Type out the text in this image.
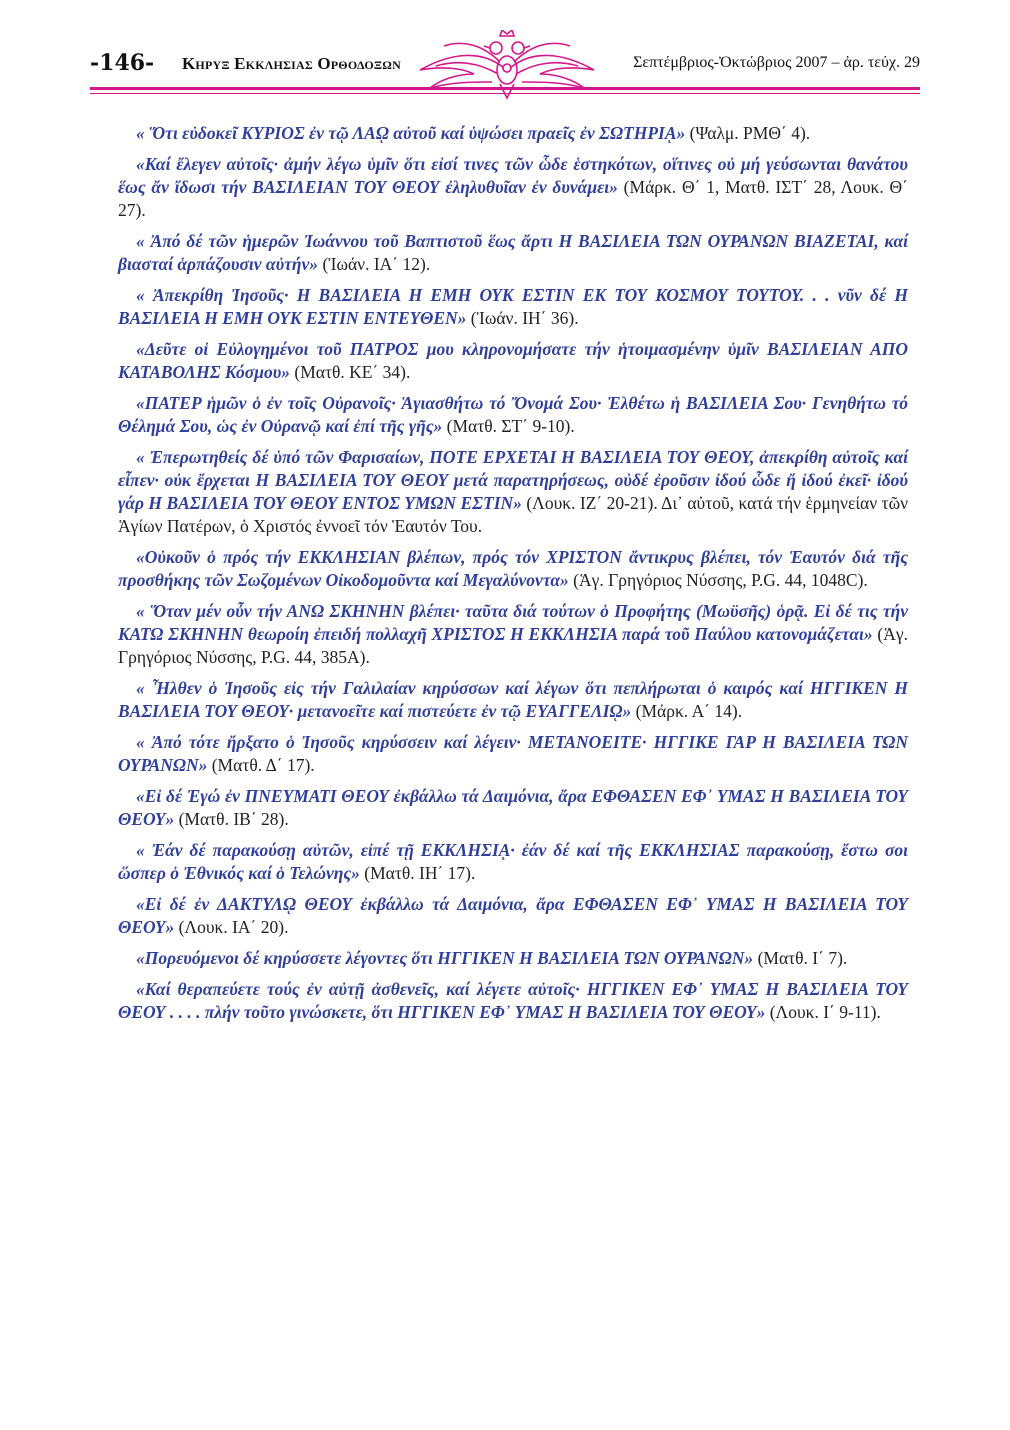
-146- Κηρυξ Εκκλησιας Ορθοδοξων	Σεπτέμβριος-Ὀκτώβριος 2007 – ἀρ. τεύχ. 29

« Ὅτι εὐδοκεῖ ΚΥΡΙΟΣ ἐν τῷ ΛΑῼ αὐτοῦ καί ὑψώσει πραεῖς ἐν ΣΩΤΗΡΙᾼ» (Ψαλμ. ΡΜΘ΄ 4).

«Καί ἔλεγεν αὐτοῖς· ἀμήν λέγω ὑμῖν ὅτι εἰσί τινες τῶν ὧδε ἑστηκότων, οἵτινες οὐ μή γεύσωνται θανάτου ἕως ἄν ἴδωσι τήν ΒΑΣΙΛΕΙΑΝ ΤΟΥ ΘΕΟΥ ἐληλυθυῖαν ἐν δυνάμει» (Μάρκ. Θ΄ 1, Ματθ. ΙΣΤ΄ 28, Λουκ. Θ΄ 27).

« Ἀπό δέ τῶν ἡμερῶν Ἰωάννου τοῦ Βαπτιστοῦ ἕως ἄρτι Η ΒΑΣΙΛΕΙΑ ΤΩΝ ΟΥΡΑΝΩΝ ΒΙΑΖΕΤΑΙ, καί βιασταί ἁρπάζουσιν αὐτήν» (Ἰωάν. ΙΑ΄ 12).

« Ἀπεκρίθη Ἰησοῦς· Η ΒΑΣΙΛΕΙΑ Η ΕΜΗ ΟΥΚ ΕΣΤΙΝ ΕΚ ΤΟΥ ΚΟΣΜΟΥ ΤΟΥΤΟΥ. . . νῦν δέ Η ΒΑΣΙΛΕΙΑ Η ΕΜΗ ΟΥΚ ΕΣΤΙΝ ΕΝΤΕΥΘΕΝ» (Ἰωάν. ΙΗ΄ 36).

«Δεῦτε οἱ Εὐλογημένοι τοῦ ΠΑΤΡΟΣ μου κληρονομήσατε τήν ἡτοιμασμένην ὑμῖν ΒΑΣΙΛΕΙΑΝ ΑΠΟ ΚΑΤΑΒΟΛΗΣ Κόσμου» (Ματθ. ΚΕ΄ 34).

«ΠΑΤΕΡ ἡμῶν ὁ ἐν τοῖς Οὐρανοῖς· Ἁγιασθήτω τό Ὄνομά Σου· Ἐλθέτω ἡ ΒΑΣΙΛΕΙΑ Σου· Γενηθήτω τό Θέλημά Σου, ὡς ἐν Οὐρανῷ καί ἐπί τῆς γῆς» (Ματθ. ΣΤ΄ 9-10).

« Ἐπερωτηθείς δέ ὑπό τῶν Φαρισαίων, ΠΟΤΕ ΕΡΧΕΤΑΙ Η ΒΑΣΙΛΕΙΑ ΤΟΥ ΘΕΟΥ, ἀπεκρίθη αὐτοῖς καί εἶπεν· οὐκ ἔρχεται Η ΒΑΣΙΛΕΙΑ ΤΟΥ ΘΕΟΥ μετά παρατηρήσεως, οὐδέ ἐροῦσιν ἰδού ὧδε ἤ ἰδού ἐκεῖ· ἰδού γάρ Η ΒΑΣΙΛΕΙΑ ΤΟΥ ΘΕΟΥ ΕΝΤΟΣ ΥΜΩΝ ΕΣΤΙΝ» (Λουκ. ΙΖ΄ 20-21). Δι᾽ αὐτοῦ, κατά τήν ἑρμηνείαν τῶν Ἁγίων Πατέρων, ὁ Χριστός ἐννοεῖ τόν Ἑαυτόν Του.

«Οὐκοῦν ὁ πρός τήν ΕΚΚΛΗΣΙΑΝ βλέπων, πρός τόν ΧΡΙΣΤΟΝ ἄντικρυς βλέπει, τόν Ἑαυτόν διά τῆς προσθήκης τῶν Σωζομένων Οἰκοδομοῦντα καί Μεγαλύνοντα» (Ἁγ. Γρηγόριος Νύσσης, P.G. 44, 1048C).

« Ὅταν μέν οὖν τήν ΑΝΩ ΣΚΗΝΗΝ βλέπει· ταῦτα διά τούτων ὁ Προφήτης (Μωϋσῆς) ὁρᾷ. Εἰ δέ τις τήν ΚΑΤΩ ΣΚΗΝΗΝ θεωροίη ἐπειδή πολλαχῆ ΧΡΙΣΤΟΣ Η ΕΚΚΛΗΣΙΑ παρά τοῦ Παύλου κατονομάζεται» (Ἁγ. Γρηγόριος Νύσσης, P.G. 44, 385A).

« Ἦλθεν ὁ Ἰησοῦς εἰς τήν Γαλιλαίαν κηρύσσων καί λέγων ὅτι πεπλήρωται ὁ καιρός καί ΗΓΓΙΚΕΝ Η ΒΑΣΙΛΕΙΑ ΤΟΥ ΘΕΟΥ· μετανοεῖτε καί πιστεύετε ἐν τῷ ΕΥΑΓΓΕΛΙῼ» (Μάρκ. Α΄ 14).

« Ἀπό τότε ἤρξατο ὁ Ἰησοῦς κηρύσσειν καί λέγειν· ΜΕΤΑΝΟΕΙΤΕ· ΗΓΓΙΚΕ ΓΑΡ Η ΒΑΣΙΛΕΙΑ ΤΩΝ ΟΥΡΑΝΩΝ» (Ματθ. Δ΄ 17).

«Εἰ δέ Ἐγώ ἐν ΠΝΕΥΜΑΤΙ ΘΕΟΥ ἐκβάλλω τά Δαιμόνια, ἄρα ΕΦΘΑΣΕΝ ΕΦ᾽ ΥΜΑΣ Η ΒΑΣΙΛΕΙΑ ΤΟΥ ΘΕΟΥ» (Ματθ. ΙΒ΄ 28).

« Ἐάν δέ παρακούσῃ αὐτῶν, εἰπέ τῇ ΕΚΚΛΗΣΙᾼ· ἐάν δέ καί τῆς ΕΚΚΛΗΣΙΑΣ παρακούσῃ, ἔστω σοι ὥσπερ ὁ Ἐθνικός καί ὁ Τελώνης» (Ματθ. ΙΗ΄ 17).

«Εἰ δέ ἐν ΔΑΚΤΥΛῼ ΘΕΟΥ ἐκβάλλω τά Δαιμόνια, ἄρα ΕΦΘΑΣΕΝ ΕΦ᾽ ΥΜΑΣ Η ΒΑΣΙΛΕΙΑ ΤΟΥ ΘΕΟΥ» (Λουκ. ΙΑ΄ 20).

«Πορευόμενοι δέ κηρύσσετε λέγοντες ὅτι ΗΓΓΙΚΕΝ Η ΒΑΣΙΛΕΙΑ ΤΩΝ ΟΥΡΑΝΩΝ» (Ματθ. Ι΄ 7).

«Καί θεραπεύετε τούς ἐν αὐτῇ ἀσθενεῖς, καί λέγετε αὐτοῖς· ΗΓΓΙΚΕΝ ΕΦ᾽ ΥΜΑΣ Η ΒΑΣΙΛΕΙΑ ΤΟΥ ΘΕΟΥ . . . . πλήν τοῦτο γινώσκετε, ὅτι ΗΓΓΙΚΕΝ ΕΦ᾽ ΥΜΑΣ Η ΒΑΣΙΛΕΙΑ ΤΟΥ ΘΕΟΥ» (Λουκ. Ι΄ 9-11).
